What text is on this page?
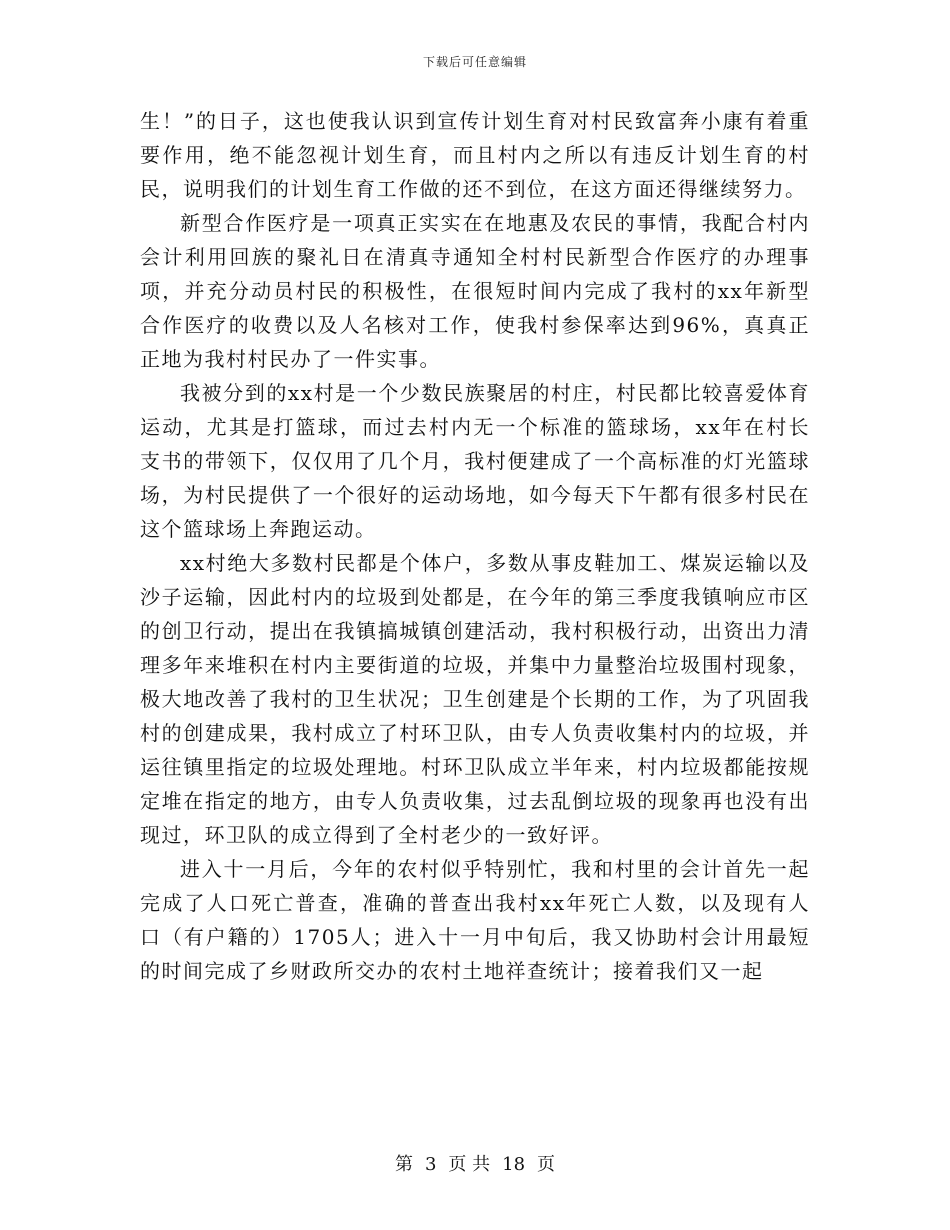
下载后可任意编辑

生！”的日子，这也使我认识到宣传计划生育对村民致富奔小康有着重要作用，绝不能忽视计划生育，而且村内之所以有违反计划生育的村民，说明我们的计划生育工作做的还不到位，在这方面还得继续努力。

新型合作医疗是一项真正实实在在地惠及农民的事情，我配合村内会计利用回族的聚礼日在清真寺通知全村村民新型合作医疗的办理事项，并充分动员村民的积极性，在很短时间内完成了我村的xx年新型合作医疗的收费以及人名核对工作，使我村参保率达到96%，真真正正地为我村村民办了一件实事。

我被分到的xx村是一个少数民族聚居的村庄，村民都比较喜爱体育运动，尤其是打篮球，而过去村内无一个标准的篮球场，xx年在村长支书的带领下，仅仅用了几个月，我村便建成了一个高标准的灯光篮球场，为村民提供了一个很好的运动场地，如今每天下午都有很多村民在这个篮球场上奔跑运动。

xx村绝大多数村民都是个体户，多数从事皮鞋加工、煤炭运输以及沙子运输，因此村内的垃圾到处都是，在今年的第三季度我镇响应市区的创卫行动，提出在我镇搞城镇创建活动，我村积极行动，出资出力清理多年来堆积在村内主要街道的垃圾，并集中力量整治垃圾围村现象，极大地改善了我村的卫生状况；卫生创建是个长期的工作，为了巩固我村的创建成果，我村成立了村环卫队，由专人负责收集村内的垃圾，并运往镇里指定的垃圾处理地。村环卫队成立半年来，村内垃圾都能按规定堆在指定的地方，由专人负责收集，过去乱倒垃圾的现象再也没有出现过，环卫队的成立得到了全村老少的一致好评。

进入十一月后，今年的农村似乎特别忙，我和村里的会计首先一起完成了人口死亡普查，准确的普查出我村xx年死亡人数，以及现有人口（有户籍的）1705人；进入十一月中旬后，我又协助村会计用最短的时间完成了乡财政所交办的农村土地祥查统计；接着我们又一起

第 3 页 共 18 页
